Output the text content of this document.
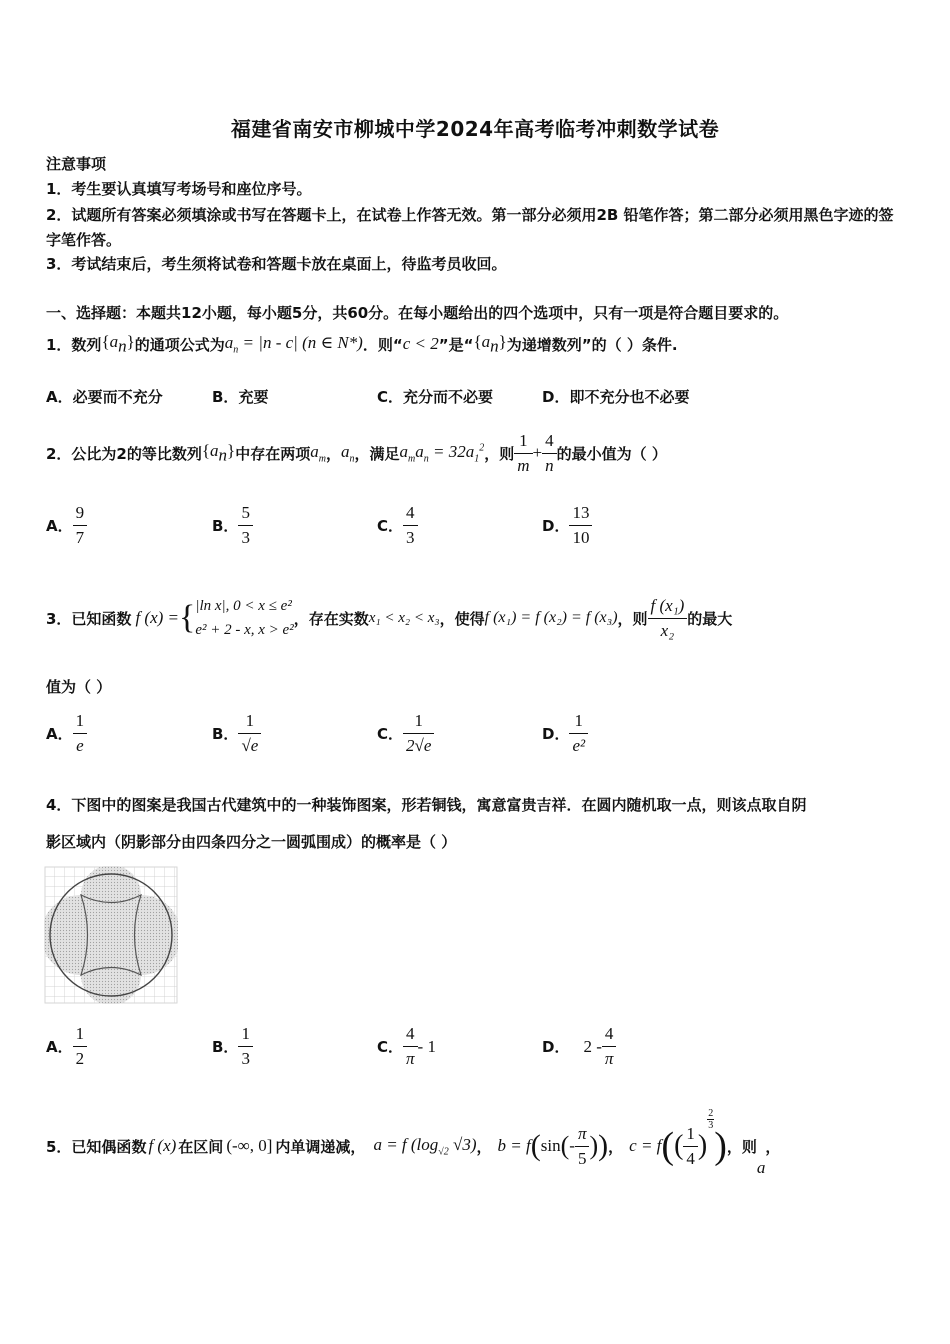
福建省南安市柳城中学2024年高考临考冲刺数学试卷
注意事项
1．考生要认真填写考场号和座位序号。
2．试题所有答案必须填涂或书写在答题卡上，在试卷上作答无效。第一部分必须用2B 铅笔作答；第二部分必须用黑色字迹的签字笔作答。
3．考试结束后，考生须将试卷和答题卡放在桌面上，待监考员收回。
一、选择题：本题共12小题，每小题5分，共60分。在每小题给出的四个选项中，只有一项是符合题目要求的。
1．数列 $\{a_n\}$ 的通项公式为 $a_n = |n - c|$ (n ∈ N*) ．则“ c < 2 ”是“ $\{a_n\}$ 为递增数列”的（ ）条件.
A．必要而不充分	B．充要	C．充分而不必要	D．即不充分也不必要
2．公比为2的等比数列 $\{a_n\}$ 中存在两项 $a_m$ ， $a_n$ ，满足 $a_ma_n = 32a_1^2$ ，则 $\frac{1}{m} + \frac{4}{n}$ 的最小值为（ ）
A． $\frac{9}{7}$	B． $\frac{5}{3}$	C． $\frac{4}{3}$	D． $\frac{13}{10}$
3．已知函数 f (x) = { |ln x|, 0 < x ≤ e²
e² + 2 - x, x > e²
，存在实数 x₁ < x₂ < x₃ ，使得 f (x₁) = f (x₂) = f (x₃) ，则 $\frac{\text{f (x₁)}}{\text{x₂}}$ 的最大
值为（ ）
A． $\frac{1}{e}$	B． $\frac{1}{√e}$	C． $\frac{1}{2√e}$	D． $\frac{1}{\text{e²}}$
4．下图中的图案是我国古代建筑中的一种装饰图案，形若铜钱，寓意富贵吉祥．在圆内随机取一点，则该点取自阴
影区域内（阴影部分由四条四分之一圆弧围成）的概率是（ ）
A． $\frac{1}{2}$	B． $\frac{1}{3}$	C． $\frac{4}{\pi} - 1$	D． $2 - \frac{4}{\pi}$
5．已知偶函数 f (x) 在区间 (-∞, 0] 内单调递减， a = f ($\log_{√2}$ √3) ， b = f ( sin ( - $\frac{\pi}{5}$ ) ) ， c = f ( ( $\frac{1}{4}$ )
$\frac{2}{3}$
) ，则
a
，
